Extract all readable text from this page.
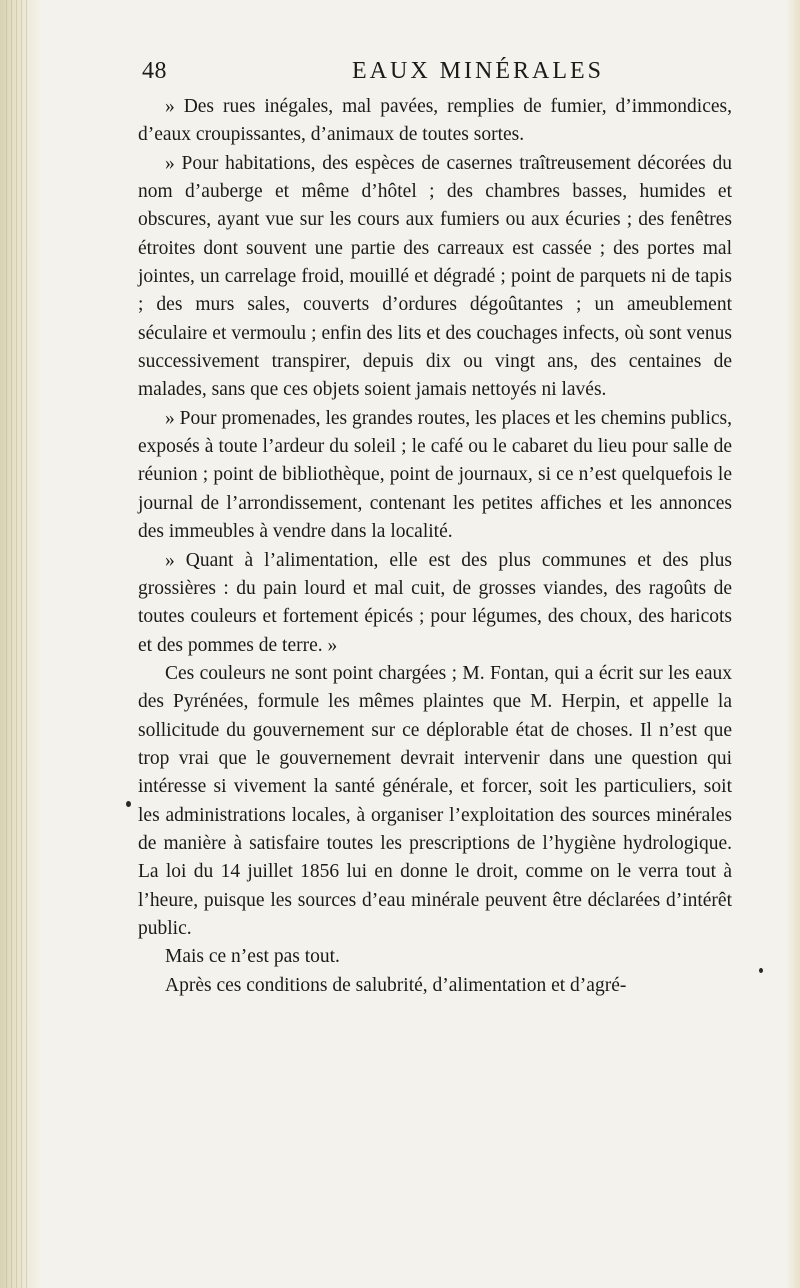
48	EAUX MINÉRALES

» Des rues inégales, mal pavées, remplies de fumier, d’immondices, d’eaux croupissantes, d’animaux de toutes sortes.

» Pour habitations, des espèces de casernes traîtreusement décorées du nom d’auberge et même d’hôtel ; des chambres basses, humides et obscures, ayant vue sur les cours aux fumiers ou aux écuries ; des fenêtres étroites dont souvent une partie des carreaux est cassée ; des portes mal jointes, un carrelage froid, mouillé et dégradé ; point de parquets ni de tapis ; des murs sales, couverts d’ordures dégoûtantes ; un ameublement séculaire et vermoulu ; enfin des lits et des couchages infects, où sont venus successivement transpirer, depuis dix ou vingt ans, des centaines de malades, sans que ces objets soient jamais nettoyés ni lavés.

» Pour promenades, les grandes routes, les places et les chemins publics, exposés à toute l’ardeur du soleil ; le café ou le cabaret du lieu pour salle de réunion ; point de bibliothèque, point de journaux, si ce n’est quelquefois le journal de l’arrondissement, contenant les petites affiches et les annonces des immeubles à vendre dans la localité.

» Quant à l’alimentation, elle est des plus communes et des plus grossières : du pain lourd et mal cuit, de grosses viandes, des ragoûts de toutes couleurs et fortement épicés ; pour légumes, des choux, des haricots et des pommes de terre. »

Ces couleurs ne sont point chargées ; M. Fontan, qui a écrit sur les eaux des Pyrénées, formule les mêmes plaintes que M. Herpin, et appelle la sollicitude du gouvernement sur ce déplorable état de choses. Il n’est que trop vrai que le gouvernement devrait intervenir dans une question qui intéresse si vivement la santé générale, et forcer, soit les particuliers, soit les administrations locales, à organiser l’exploitation des sources minérales de manière à satisfaire toutes les prescriptions de l’hygiène hydrologique. La loi du 14 juillet 1856 lui en donne le droit, comme on le verra tout à l’heure, puisque les sources d’eau minérale peuvent être déclarées d’intérêt public.

Mais ce n’est pas tout.

Après ces conditions de salubrité, d’alimentation et d’agré-
